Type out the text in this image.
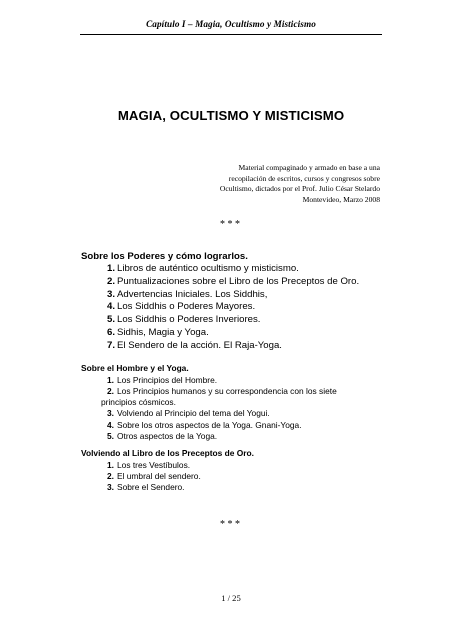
Capítulo I – Magia, Ocultismo y Misticismo
MAGIA, OCULTISMO Y MISTICISMO
Material compaginado y armado en base a una
recopilación de escritos, cursos y congresos sobre
Ocultismo, dictados por el Prof. Julio César Stelardo
Montevideo, Marzo 2008
* * *
Sobre los Poderes y cómo lograrlos.
1. Libros de auténtico ocultismo y misticismo.
2. Puntualizaciones sobre el Libro de los Preceptos de Oro.
3. Advertencias Iniciales. Los Siddhis,
4. Los Siddhis o Poderes Mayores.
5. Los Siddhis o Poderes Inveriores.
6. Sidhis, Magia y Yoga.
7. El Sendero de la acción. El Raja-Yoga.
Sobre el Hombre y el Yoga.
1. Los Principios del Hombre.
2. Los Principios humanos y su correspondencia con los siete
principios cósmicos.
3. Volviendo al Principio del tema del Yogui.
4. Sobre los otros aspectos de la Yoga. Gnani-Yoga.
5. Otros aspectos de la Yoga.
Volviendo al Libro de los Preceptos de Oro.
1. Los tres Vestíbulos.
2. El umbral del sendero.
3. Sobre el Sendero.
* * *
1 / 25
